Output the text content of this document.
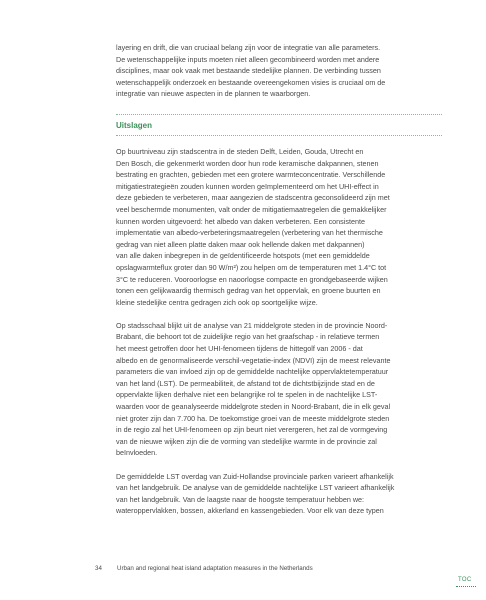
layering en drift, die van cruciaal belang zijn voor de integratie van alle parameters.
De wetenschappelijke inputs moeten niet alleen gecombineerd worden met andere
disciplines, maar ook vaak met bestaande stedelijke plannen. De verbinding tussen
wetenschappelijk onderzoek en bestaande overeengekomen visies is cruciaal om de
integratie van nieuwe aspecten in de plannen te waarborgen.

Uitslagen

Op buurtniveau zijn stadscentra in de steden Delft, Leiden, Gouda, Utrecht en
Den Bosch, die gekenmerkt worden door hun rode keramische dakpannen, stenen
bestrating en grachten, gebieden met een grotere warmteconcentratie. Verschillende
mitigatiestrategieën zouden kunnen worden geïmplementeerd om het UHI-effect in
deze gebieden te verbeteren, maar aangezien de stadscentra geconsolideerd zijn met
veel beschermde monumenten, valt onder de mitigatiemaatregelen die gemakkelijker
kunnen worden uitgevoerd: het albedo van daken verbeteren. Een consistente
implementatie van albedo-verbeteringsmaatregelen (verbetering van het thermische
gedrag van niet alleen platte daken maar ook hellende daken met dakpannen)
van alle daken inbegrepen in de geïdentificeerde hotspots (met een gemiddelde
opslagwarmteflux groter dan 90 W/m²) zou helpen om de temperaturen met 1.4°C tot
3°C te reduceren. Vooroorlogse en naoorlogse compacte en grondgebaseerde wijken
tonen een gelijkwaardig thermisch gedrag van het oppervlak, en groene buurten en
kleine stedelijke centra gedragen zich ook op soortgelijke wijze.

Op stadsschaal blijkt uit de analyse van 21 middelgrote steden in de provincie Noord-
Brabant, die behoort tot de zuidelijke regio van het graafschap - in relatieve termen
het meest getroffen door het UHI-fenomeen tijdens de hittegolf van 2006 - dat
albedo en de genormaliseerde verschil-vegetatie-index (NDVI) zijn de meest relevante
parameters die van invloed zijn op de gemiddelde nachtelijke oppervlaktetemperatuur
van het land (LST). De permeabiliteit, de afstand tot de dichtstbijzijnde stad en de
oppervlakte lijken derhalve niet een belangrijke rol te spelen in de nachtelijke LST-
waarden voor de geanalyseerde middelgrote steden in Noord-Brabant, die in elk geval
niet groter zijn dan 7.700 ha. De toekomstige groei van de meeste middelgrote steden
in de regio zal het UHI-fenomeen op zijn beurt niet verergeren, het zal de vormgeving
van de nieuwe wijken zijn die de vorming van stedelijke warmte in de provincie zal
beïnvloeden.

De gemiddelde LST overdag van Zuid-Hollandse provinciale parken varieert afhankelijk
van het landgebruik. De analyse van de gemiddelde nachtelijke LST varieert afhankelijk
van het landgebruik. Van de laagste naar de hoogste temperatuur hebben we:
wateroppervlakken, bossen, akkerland en kassengebieden. Voor elk van deze typen

34 Urban and regional heat island adaptation measures in the Netherlands
TOC
